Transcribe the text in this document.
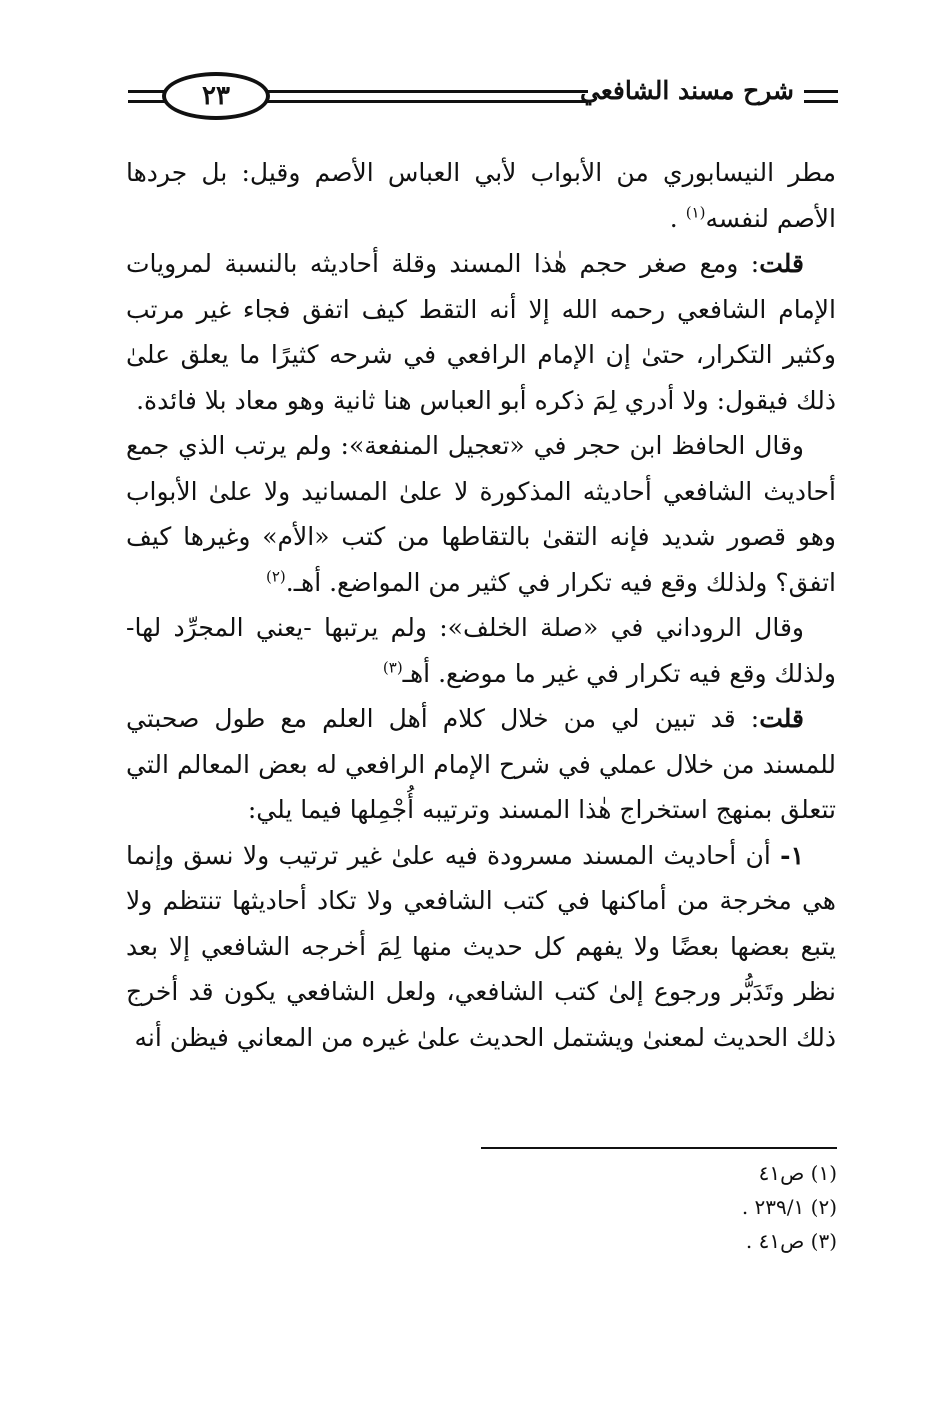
شرح مسند الشافعي
٢٣

مطر النيسابوري من الأبواب لأبي العباس الأصم وقيل: بل جردها الأصم لنفسه$^{(١)}$ .

قلت: ومع صغر حجم هٰذا المسند وقلة أحاديثه بالنسبة لمرويات الإمام الشافعي رحمه الله إلا أنه التقط كيف اتفق فجاء غير مرتب وكثير التكرار، حتىٰ إن الإمام الرافعي في شرحه كثيرًا ما يعلق علىٰ ذلك فيقول: ولا أدري لِمَ ذكره أبو العباس هنا ثانية وهو معاد بلا فائدة.

وقال الحافظ ابن حجر في «تعجيل المنفعة»: ولم يرتب الذي جمع أحاديث الشافعي أحاديثه المذكورة لا علىٰ المسانيد ولا علىٰ الأبواب وهو قصور شديد فإنه التقىٰ بالتقاطها من كتب «الأم» وغيرها كيف اتفق؟ ولذلك وقع فيه تكرار في كثير من المواضع. أهـ.$^{(٢)}$

وقال الروداني في «صلة الخلف»: ولم يرتبها -يعني المجرِّد لها- ولذلك وقع فيه تكرار في غير ما موضع. أهـ$^{(٣)}$

قلت: قد تبين لي من خلال كلام أهل العلم مع طول صحبتي للمسند من خلال عملي في شرح الإمام الرافعي له بعض المعالم التي تتعلق بمنهج استخراج هٰذا المسند وترتيبه أُجْمِلها فيما يلي:

١- أن أحاديث المسند مسرودة فيه علىٰ غير ترتيب ولا نسق وإنما هي مخرجة من أماكنها في كتب الشافعي ولا تكاد أحاديثها تنتظم ولا يتبع بعضها بعضًا ولا يفهم كل حديث منها لِمَ أخرجه الشافعي إلا بعد نظر وتَدَبُّر ورجوع إلىٰ كتب الشافعي، ولعل الشافعي يكون قد أخرج ذلك الحديث لمعنىٰ ويشتمل الحديث علىٰ غيره من المعاني فيظن أنه

(١) ص٤١
(٢) ٢٣٩/١ .
(٣) ص٤١ .
